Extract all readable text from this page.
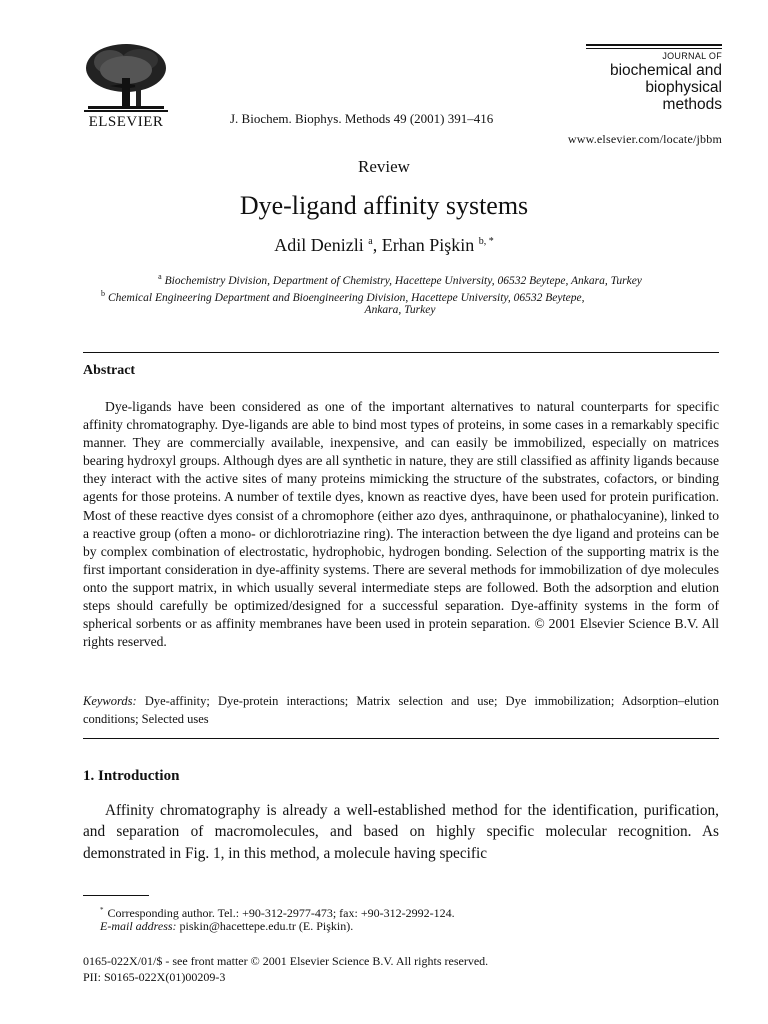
ELSEVIER	J. Biochem. Biophys. Methods 49 (2001) 391–416
JOURNAL OF
biochemical and
biophysical
methods
www.elsevier.com/locate/jbbm
Review
Dye-ligand affinity systems
Adil Denizli $^a$, Erhan Pişkin $^{b, *}$
$^a$ Biochemistry Division, Department of Chemistry, Hacettepe University, 06532 Beytepe, Ankara, Turkey
$^b$ Chemical Engineering Department and Bioengineering Division, Hacettepe University, 06532 Beytepe,
Ankara, Turkey
Abstract

Dye-ligands have been considered as one of the important alternatives to natural counterparts for specific affinity chromatography. Dye-ligands are able to bind most types of proteins, in some cases in a remarkably specific manner. They are commercially available, inexpensive, and can easily be immobilized, especially on matrices bearing hydroxyl groups. Although dyes are all synthetic in nature, they are still classified as affinity ligands because they interact with the active sites of many proteins mimicking the structure of the substrates, cofactors, or binding agents for those proteins. A number of textile dyes, known as reactive dyes, have been used for protein purification. Most of these reactive dyes consist of a chromophore (either azo dyes, anthraquinone, or phathalocyanine), linked to a reactive group (often a mono- or dichlorotriazine ring). The interaction between the dye ligand and proteins can be by complex combination of electrostatic, hydrophobic, hydrogen bonding. Selection of the supporting matrix is the first important consideration in dye-affinity systems. There are several methods for immobilization of dye molecules onto the support matrix, in which usually several intermediate steps are followed. Both the adsorption and elution steps should carefully be optimized/designed for a successful separation. Dye-affinity systems in the form of spherical sorbents or as affinity membranes have been used in protein separation. © 2001 Elsevier Science B.V. All rights reserved.

Keywords: Dye-affinity; Dye-protein interactions; Matrix selection and use; Dye immobilization; Adsorption–elution conditions; Selected uses

1. Introduction

Affinity chromatography is already a well-established method for the identification, purification, and separation of macromolecules, and based on highly specific molecular recognition. As demonstrated in Fig. 1, in this method, a molecule having specific

* Corresponding author. Tel.: +90-312-2977-473; fax: +90-312-2992-124.
E-mail address: piskin@hacettepe.edu.tr (E. Pişkin).
0165-022X/01/$ - see front matter © 2001 Elsevier Science B.V. All rights reserved.
PII: S0165-022X(01)00209-3
